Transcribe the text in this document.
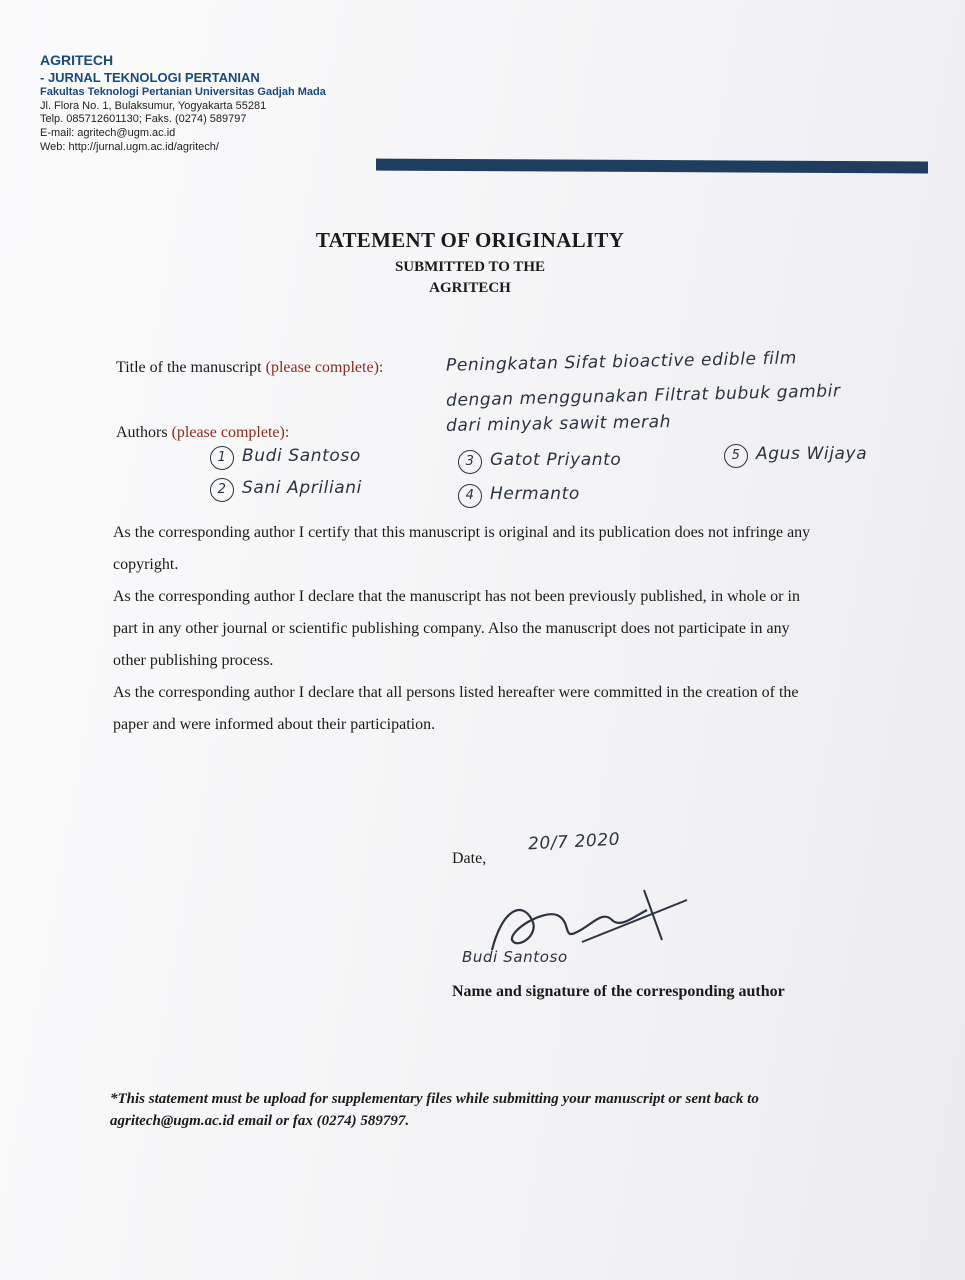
AGRITECH
- JURNAL TEKNOLOGI PERTANIAN
Fakultas Teknologi Pertanian Universitas Gadjah Mada
Jl. Flora No. 1, Bulaksumur, Yogyakarta 55281
Telp. 085712601130; Faks. (0274) 589797
E-mail: agritech@ugm.ac.id
Web: http://jurnal.ugm.ac.id/agritech/
TATEMENT OF ORIGINALITY
SUBMITTED TO THE
AGRITECH
Title of the manuscript (please complete):	Peningkatan Sifat bioactive edible film
dengan menggunakan Filtrat bubuk gambir
dari minyak sawit merah
Authors (please complete):
1 Budi Santoso
2 Sani Apriliani
3 Gatot Priyanto
4 Hermanto
5 Agus Wijaya

As the corresponding author I certify that this manuscript is original and its publication does not infringe any copyright.

As the corresponding author I declare that the manuscript has not been previously published, in whole or in part in any other journal or scientific publishing company. Also the manuscript does not participate in any other publishing process.

As the corresponding author I declare that all persons listed hereafter were committed in the creation of the paper and were informed about their participation.

Date,
20/7 2020
Budi Santoso
Name and signature of the corresponding author
*This statement must be upload for supplementary files while submitting your manuscript or sent back to agritech@ugm.ac.id email or fax (0274) 589797.
